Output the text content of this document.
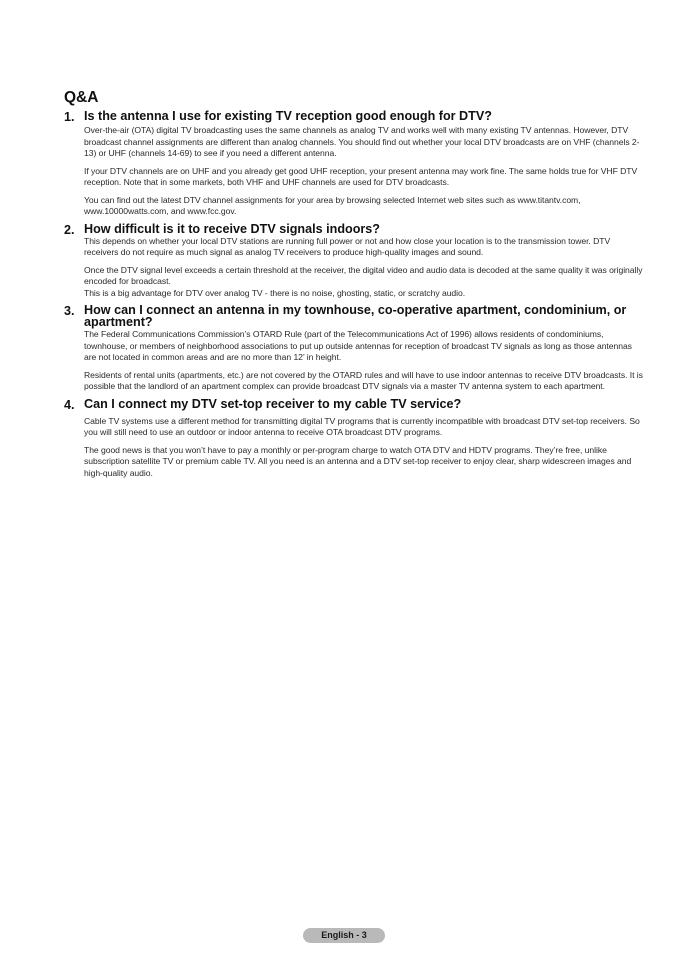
Q&A
1. Is the antenna I use for existing TV reception good enough for DTV?

Over-the-air (OTA) digital TV broadcasting uses the same channels as analog TV and works well with many existing TV antennas. However, DTV broadcast channel assignments are different than analog channels. You should find out whether your local DTV broadcasts are on VHF (channels 2-13) or UHF (channels 14-69) to see if you need a different antenna.

If your DTV channels are on UHF and you already get good UHF reception, your present antenna may work fine. The same holds true for VHF DTV reception. Note that in some markets, both VHF and UHF channels are used for DTV broadcasts.

You can find out the latest DTV channel assignments for your area by browsing selected Internet web sites such as www.titantv.com, www.10000watts.com, and www.fcc.gov.

2. How difficult is it to receive DTV signals indoors?

This depends on whether your local DTV stations are running full power or not and how close your location is to the transmission tower. DTV receivers do not require as much signal as analog TV receivers to produce high-quality images and sound.

Once the DTV signal level exceeds a certain threshold at the receiver, the digital video and audio data is decoded at the same quality it was originally encoded for broadcast.

This is a big advantage for DTV over analog TV - there is no noise, ghosting, static, or scratchy audio.

3. How can I connect an antenna in my townhouse, co-operative apartment, condominium, or apartment?

The Federal Communications Commission’s OTARD Rule (part of the Telecommunications Act of 1996) allows residents of condominiums, townhouse, or members of neighborhood associations to put up outside antennas for reception of broadcast TV signals as long as those antennas are not located in common areas and are no more than 12’ in height.

Residents of rental units (apartments, etc.) are not covered by the OTARD rules and will have to use indoor antennas to receive DTV broadcasts. It is possible that the landlord of an apartment complex can provide broadcast DTV signals via a master TV antenna system to each apartment.

4. Can I connect my DTV set-top receiver to my cable TV service?

Cable TV systems use a different method for transmitting digital TV programs that is currently incompatible with broadcast DTV set-top receivers. So you will still need to use an outdoor or indoor antenna to receive OTA broadcast DTV programs.

The good news is that you won’t have to pay a monthly or per-program charge to watch OTA DTV and HDTV programs. They’re free, unlike subscription satellite TV or premium cable TV. All you need is an antenna and a DTV set-top receiver to enjoy clear, sharp widescreen images and high-quality audio.

English - 3
